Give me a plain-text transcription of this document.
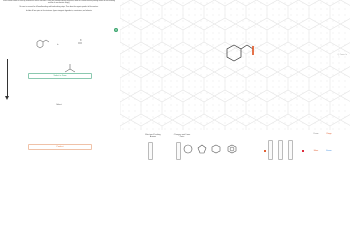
Draw curved arrows to correctly illustrate the flow of electrons. Using the provided starting structures, draw the curved electron-pushing arrows for the following reaction or mechanistic step(s).

Be sure to account for all bond-breaking and bond-making steps. Then draw the organic product of the reaction.

Include all lone pairs in the structures. Ignore inorganic byproducts, counterions, and solvents.

✕
+
θ
Select to Draw
Select
Product
Q Zoom In
Electron-Pushing Arrows
Charges and Lone Pairs
Draw	Rings
More	Erase
